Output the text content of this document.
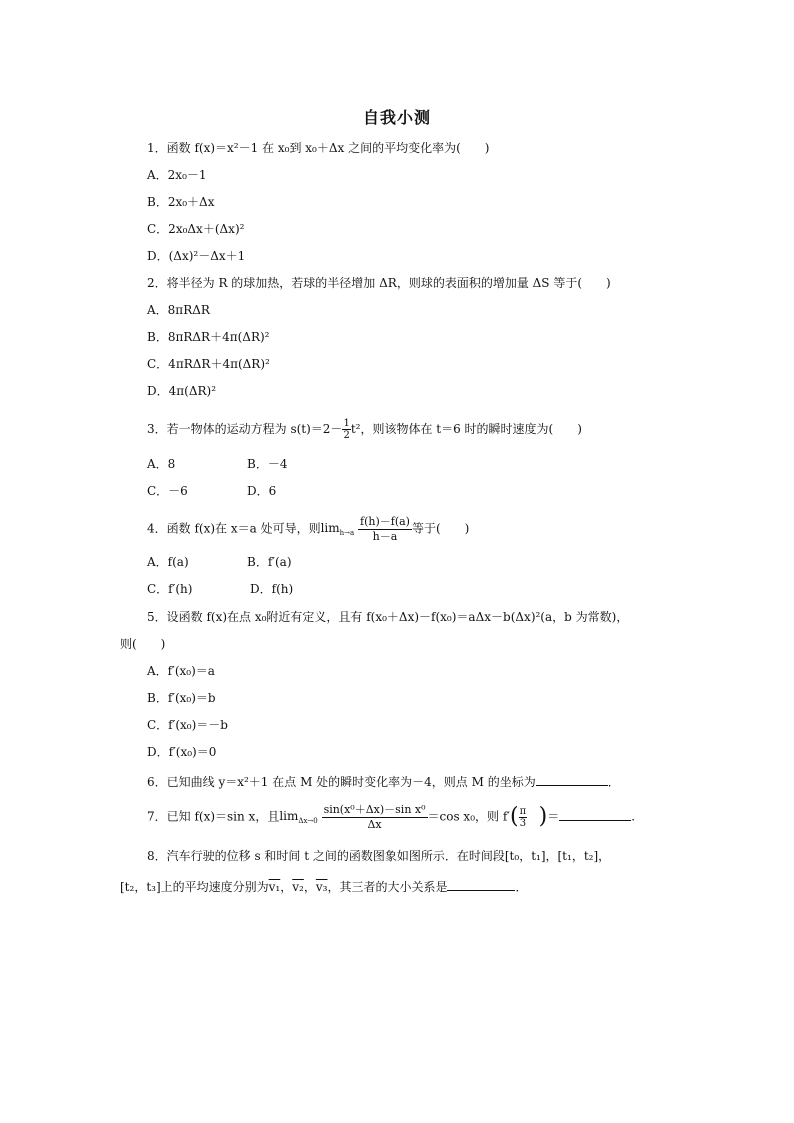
自我小测
1．函数 f(x)＝x²－1 在 x₀到 x₀＋Δx 之间的平均变化率为(　　)
A．2x₀－1
B．2x₀＋Δx
C．2x₀Δx＋(Δx)²
D．(Δx)²－Δx＋1
2．将半径为 R 的球加热，若球的半径增加 ΔR，则球的表面积的增加量 ΔS 等于(　　)
A．8πRΔR
B．8πRΔR＋4π(ΔR)²
C．4πRΔR＋4π(ΔR)²
D．4π(ΔR)²
3．若一物体的运动方程为 $s(t)=2- \frac{1}{2} t^2$，则该物体在 t＝6 时的瞬时速度为(　　)
A．8	B．－4
C．－6	D．6
4．函数 f(x)在 x＝a 处可导，则$\lim_{h\to a} \frac{f(h)-f(a)}{h-a}$ 等于(　　)
A．f(a)	B．f′(a)
C．f′(h)	D．f(h)
5．设函数 f(x)在点 x₀附近有定义，且有 f(x₀＋Δx)－f(x₀)＝aΔx－b(Δx)²(a，b 为常数)，
则(　　)
A．f′(x₀)＝a
B．f′(x₀)＝b
C．f′(x₀)＝－b
D．f′(x₀)＝0
6．已知曲线 y＝x²＋1 在点 M 处的瞬时变化率为－4，则点 M 的坐标为	．
7．已知 f(x)＝sin x，且$\lim_{\Delta x\to 0} \frac{\text{sin(x⁰＋Δx)－sin x⁰}}{\Delta x} =\cos$ x₀，则 $f'( \frac{\pi}{3}$ )＝	.
8．汽车行驶的位移 s 和时间 t 之间的函数图象如图所示．在时间段[t₀，t₁]，[t₁，t₂]，
[t₂，t₃]上的平均速度分别为v₁，v₂，v₃，其三者的大小关系是	．
